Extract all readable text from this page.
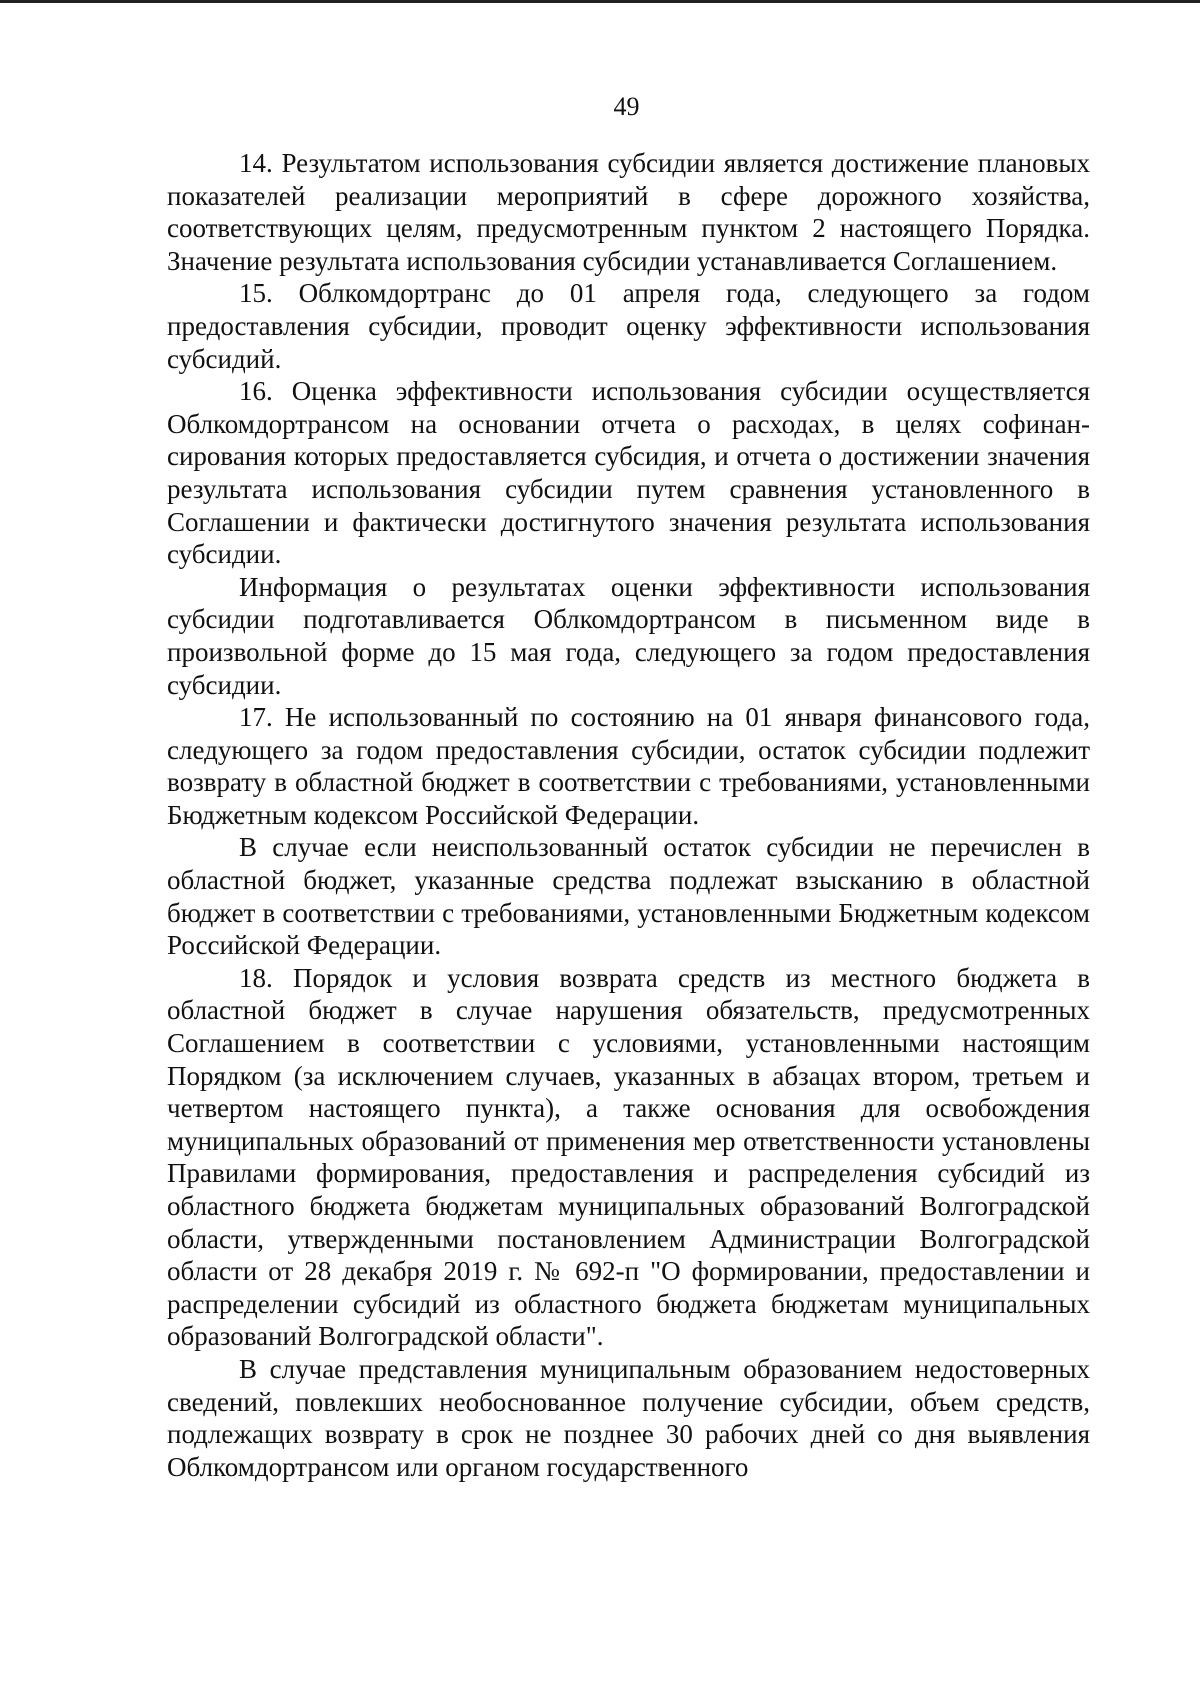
49

14. Результатом использования субсидии является достижение плановых показателей реализации мероприятий в сфере дорожного хозяйства, соответствующих целям, предусмотренным пунктом 2 настоящего Порядка. Значение результата использования субсидии устанавливается Соглашением.

15. Облкомдортранс до 01 апреля года, следующего за годом предоставления субсидии, проводит оценку эффективности использования субсидий.

16. Оценка эффективности использования субсидии осуществляется Облкомдортрансом на основании отчета о расходах, в целях софинан-сирования которых предоставляется субсидия, и отчета о достижении значения результата использования субсидии путем сравнения установленного в Соглашении и фактически достигнутого значения результата использования субсидии.

Информация о результатах оценки эффективности использования субсидии подготавливается Облкомдортрансом в письменном виде в произвольной форме до 15 мая года, следующего за годом предоставления субсидии.

17. Не использованный по состоянию на 01 января финансового года, следующего за годом предоставления субсидии, остаток субсидии подлежит возврату в областной бюджет в соответствии с требованиями, установленными Бюджетным кодексом Российской Федерации.

В случае если неиспользованный остаток субсидии не перечислен в областной бюджет, указанные средства подлежат взысканию в областной бюджет в соответствии с требованиями, установленными Бюджетным кодексом Российской Федерации.

18. Порядок и условия возврата средств из местного бюджета в областной бюджет в случае нарушения обязательств, предусмотренных Соглашением в соответствии с условиями, установленными настоящим Порядком (за исключением случаев, указанных в абзацах втором, третьем и четвертом настоящего пункта), а также основания для освобождения муниципальных образований от применения мер ответственности установлены Правилами формирования, предоставления и распределения субсидий из областного бюджета бюджетам муниципальных образований Волгоградской области, утвержденными постановлением Администрации Волгоградской области от 28 декабря 2019 г. № 692-п "О формировании, предоставлении и распределении субсидий из областного бюджета бюджетам муниципальных образований Волгоградской области".

В случае представления муниципальным образованием недостоверных сведений, повлекших необоснованное получение субсидии, объем средств, подлежащих возврату в срок не позднее 30 рабочих дней со дня выявления Облкомдортрансом или органом государственного
